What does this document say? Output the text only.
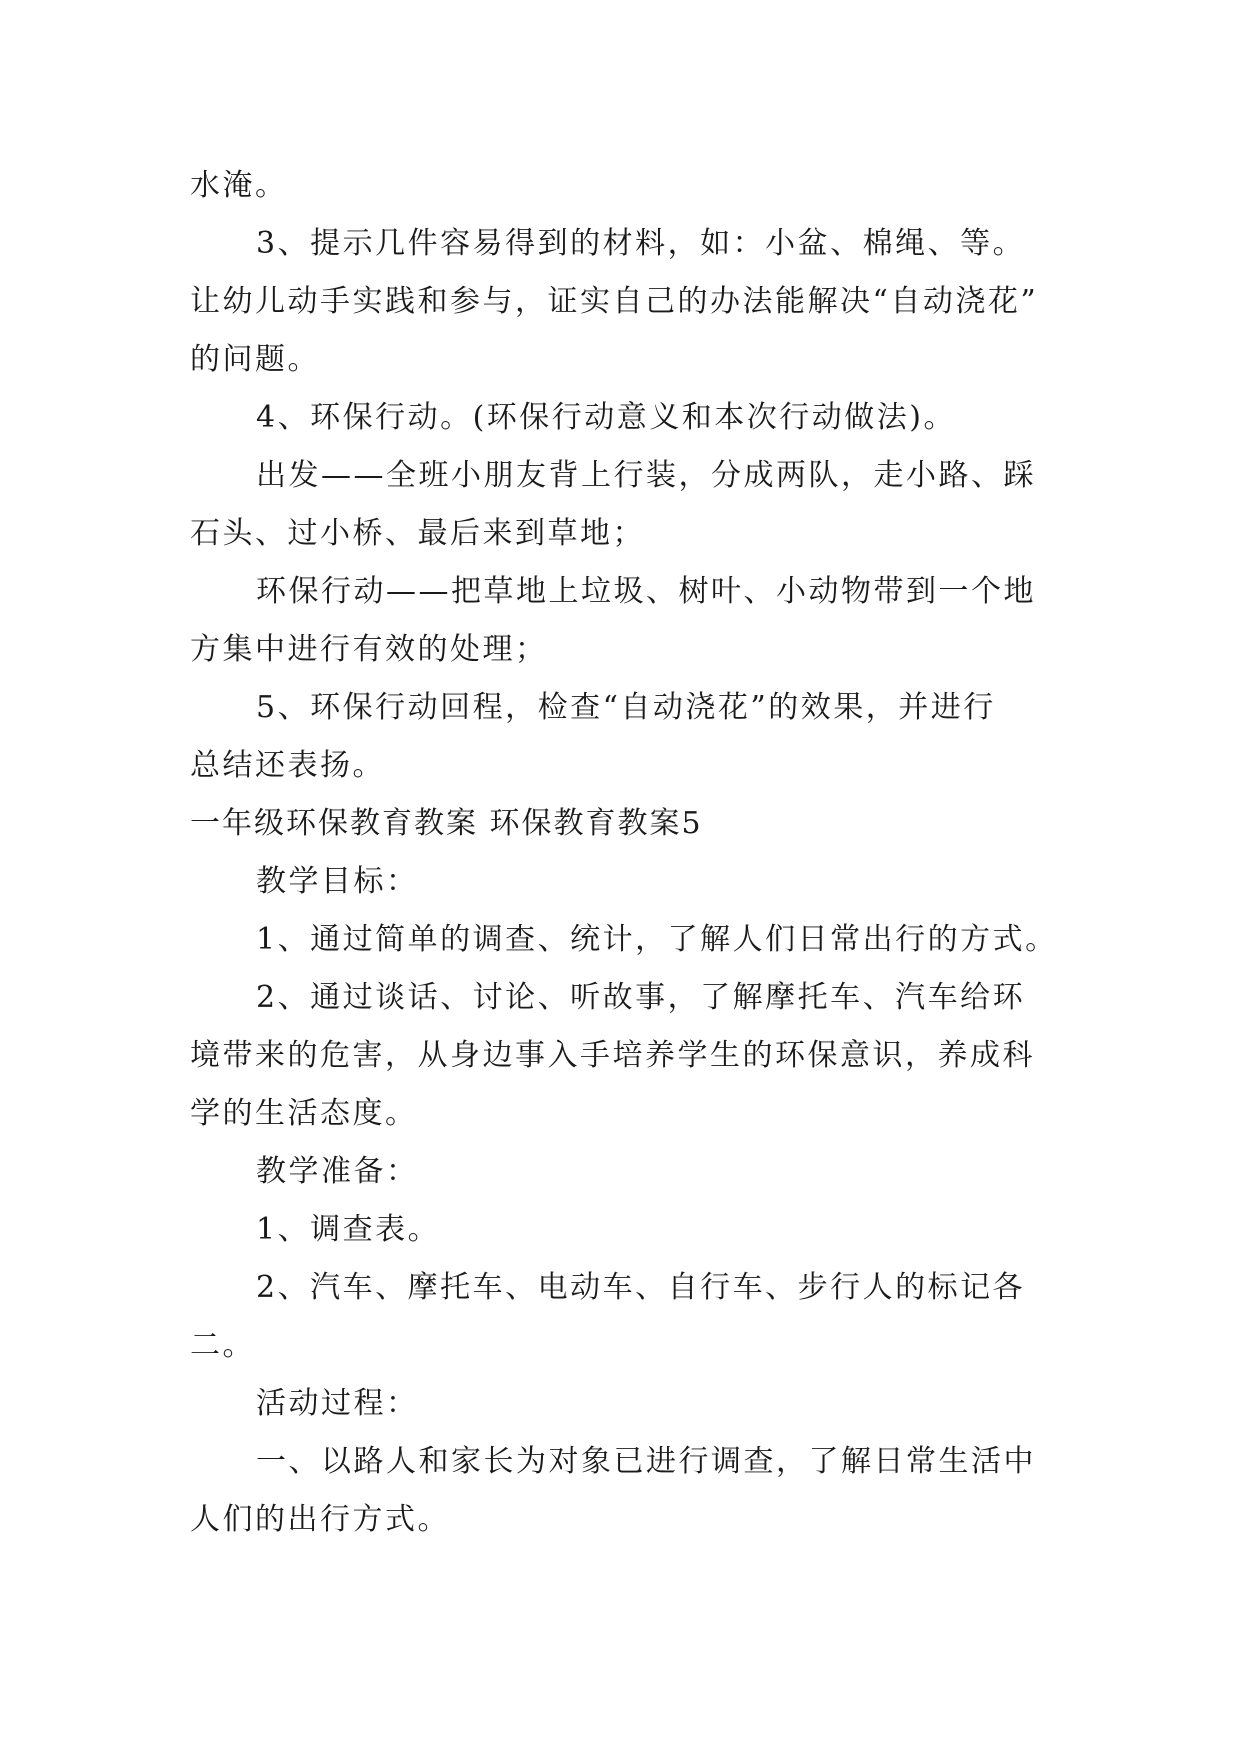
水淹。
3、提示几件容易得到的材料，如：小盆、棉绳、等。
让幼儿动手实践和参与，证实自己的办法能解决“自动浇花”
的问题。
4、环保行动。(环保行动意义和本次行动做法)。
出发——全班小朋友背上行装，分成两队，走小路、踩
石头、过小桥、最后来到草地；
环保行动——把草地上垃圾、树叶、小动物带到一个地
方集中进行有效的处理；
5、环保行动回程，检查“自动浇花”的效果，并进行
总结还表扬。
一年级环保教育教案 环保教育教案5
教学目标：
1、通过简单的调查、统计，了解人们日常出行的方式。
2、通过谈话、讨论、听故事，了解摩托车、汽车给环
境带来的危害，从身边事入手培养学生的环保意识，养成科
学的生活态度。
教学准备：
1、调查表。
2、汽车、摩托车、电动车、自行车、步行人的标记各
二。
活动过程：
一、以路人和家长为对象已进行调查，了解日常生活中
人们的出行方式。
